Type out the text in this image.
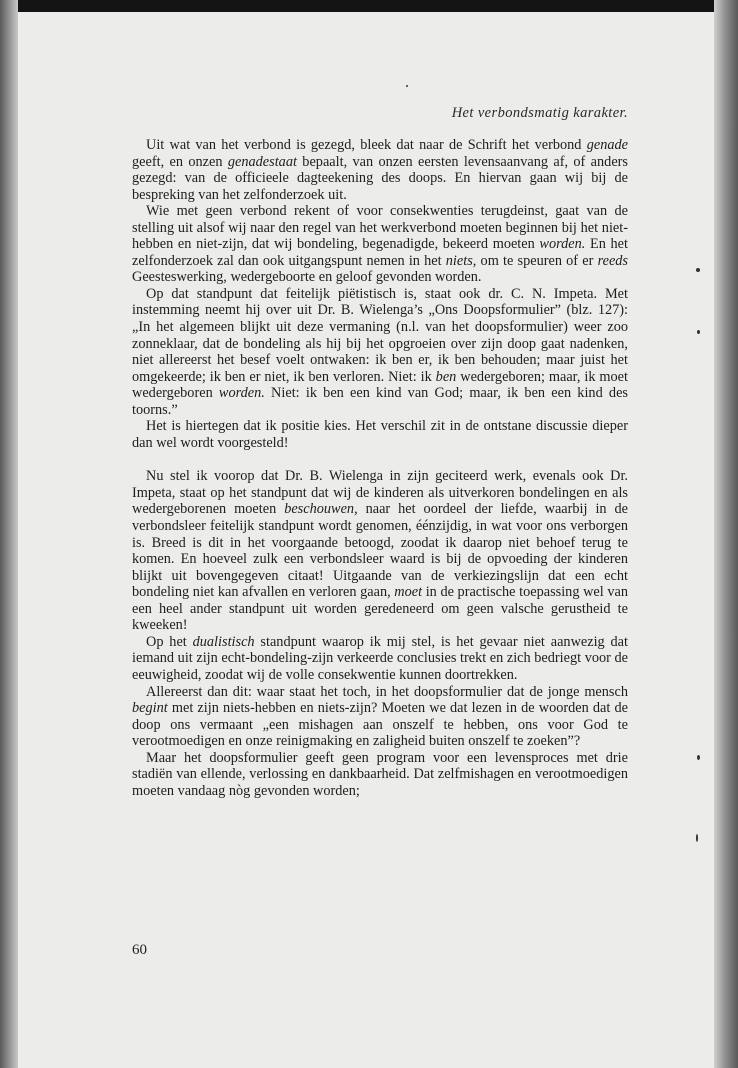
Het verbondsmatig karakter.

Uit wat van het verbond is gezegd, bleek dat naar de Schrift het verbond genade geeft, en onzen genadestaat bepaalt, van onzen eersten levensaanvang af, of anders gezegd: van de officieele dagteekening des doops. En hiervan gaan wij bij de bespreking van het zelfonderzoek uit.

Wie met geen verbond rekent of voor consekwenties terugdeinst, gaat van de stelling uit alsof wij naar den regel van het werkverbond moeten beginnen bij het niet-hebben en niet-zijn, dat wij bondeling, begenadigde, bekeerd moeten worden. En het zelfonderzoek zal dan ook uitgangspunt nemen in het niets, om te speuren of er reeds Geesteswerking, wedergeboorte en geloof gevonden worden.

Op dat standpunt dat feitelijk piëtistisch is, staat ook dr. C. N. Impeta. Met instemming neemt hij over uit Dr. B. Wielenga’s „Ons Doopsformulier” (blz. 127): „In het algemeen blijkt uit deze vermaning (n.l. van het doopsformulier) weer zoo zonneklaar, dat de bondeling als hij bij het opgroeien over zijn doop gaat nadenken, niet allereerst het besef voelt ontwaken: ik ben er, ik ben behouden; maar juist het omgekeerde; ik ben er niet, ik ben verloren. Niet: ik ben wedergeboren; maar, ik moet wedergeboren worden. Niet: ik ben een kind van God; maar, ik ben een kind des toorns.”

Het is hiertegen dat ik positie kies. Het verschil zit in de ontstane discussie dieper dan wel wordt voorgesteld!

Nu stel ik voorop dat Dr. B. Wielenga in zijn geciteerd werk, evenals ook Dr. Impeta, staat op het standpunt dat wij de kinderen als uitverkoren bondelingen en als wedergeborenen moeten beschouwen, naar het oordeel der liefde, waarbij in de verbondsleer feitelijk standpunt wordt genomen, éénzijdig, in wat voor ons verborgen is. Breed is dit in het voorgaande betoogd, zoodat ik daarop niet behoef terug te komen. En hoeveel zulk een verbondsleer waard is bij de opvoeding der kinderen blijkt uit bovengegeven citaat! Uitgaande van de verkiezingslijn dat een echt bondeling niet kan afvallen en verloren gaan, moet in de practische toepassing wel van een heel ander standpunt uit worden geredeneerd om geen valsche gerustheid te kweeken!

Op het dualistisch standpunt waarop ik mij stel, is het gevaar niet aanwezig dat iemand uit zijn echt-bondeling-zijn verkeerde conclusies trekt en zich bedriegt voor de eeuwigheid, zoodat wij de volle consekwentie kunnen doortrekken.

Allereerst dan dit: waar staat het toch, in het doopsformulier dat de jonge mensch begint met zijn niets-hebben en niets-zijn? Moeten we dat lezen in de woorden dat de doop ons vermaant „een mishagen aan onszelf te hebben, ons voor God te verootmoedigen en onze reinigmaking en zaligheid buiten onszelf te zoeken”?

Maar het doopsformulier geeft geen program voor een levensproces met drie stadiën van ellende, verlossing en dankbaarheid. Dat zelfmishagen en verootmoedigen moeten vandaag nòg gevonden worden;

60
